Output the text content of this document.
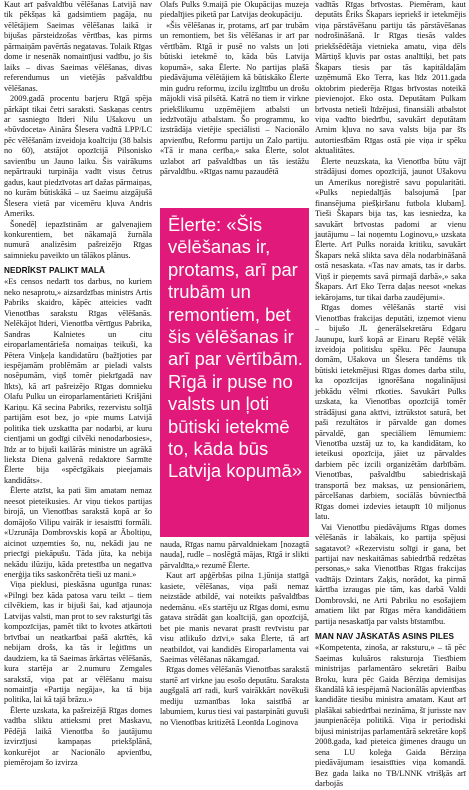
Kaut arī pašvaldību vēlēšanas Latvijā nav tik pēkšņas kā gadsimtiem pagāja, nu vēlētājiem Saeimas vēlēšanas laikā ir bijušas pārsteidzošas vērtības, kas pirms pārmaiņām pavērtās negatavas. Tolaik Rīgas dome ir nesenāk nomainījusi vadību, jo šis laiks – divas Saeimas vēlēšanas, divas referendumus un vietējās pašvaldību vēlēšanas.

2009.gadā procentu barjeru Rīgā spēja pārkāpt tikai četri saraksti. Saskaņas centrs ar sasniegto līderi Nilu Ušakovu un «būvdoceta» Aināra Šlesera vadītā LPP/LC pēc vēlēšanām izveidoja koalīciju (38 balsis no 60), atstājot opozīcijā Pilsonisko savienību un Jauno laiku. Šis vairākums nepārtrauki turpināja vadīt visus četrus gadus, kaut piedzīvotas arī dažas pārmaiņas, no kurām būtiskākā – uz Saeimu aizgājušā Šlesera vietā par vicemēru kļuva Andris Ameriks.

Šonedēļ iepazīstinām ar galvenajiem konkurentiem, bet nākamajā žurnāla numurā analizēsim pašreizējo Rīgas saimnieku paveikto un tālākos plānus.

NEDRĪKST PALIKT MALĀ

«Es censos nedarīt tos darbus, no kuriem neko nesaprotu,» aizsardzības ministrs Artis Pabriks skaidro, kāpēc atteicies vadīt Vienotības sarakstu Rīgas vēlēšanās. Nelēkājot līderi, Vienotība vērtīgus Pabrika, Sandras Kalnietes un citu eiroparlamentārieša nomaiņas teikuši, ka Pētera Vinķeļa kandidatūru (bažījoties par iespējamām problēmām ar pieladi valsts nosēpumām, viņš tomēr piekrīgadā nav līkts), kā arī pašreizējo Rīgas domnieku Olafu Pulku un eiroparlamentārieti Krišjāni Kariņu. Kā secina Pabriks, rezervistu solījā partijām esot bez, jo «pie mums Latvijā politika tiek uzskatīta par nodarbi, ar kuru cienījami un godīgi cilvēki nenodarbosies», līdz ar to bijuši kailārās ministre un agrākā lieksta Diena galvenā redaktore Sarmīte Ēlerte bija «spēcīgākais pieejamais kandidāts».

Ēlerte atzīst, ka pati šim amatam nemaz neesot pieteikusies. Ar viņu tiekos partijas birojā, un Vienotības sarakstā kopā ar šo domājošo Vilipu vairāk ir iesaistīti formāli. «Uzrunāja Dombrovskis kopā ar Āboltiņu, aicinot uzņemties šo, nu, nekādi jau ne priecīgi piekāpušu. Tāda jūta, ka nebija nekādu ilūziju, kāda pretestība un negatīva enerģija tiks saskončrēta tieši uz mani.»

Viņa pieklusi, pieskāsna ugunīga runas: «Pilngi bez kāda patosa varu teikt – tiem cilvēkiem, kas ir bijuši šai, kad atjaunoja Latvijas valsti, man prot to sev raksturīgi tās kompozīcijas, pamēt tikt to kvotes atkārtoti brīvībai un neatkarībai pašā akrītēs, kā nebijam drošs, ka tās ir leģitīms un daudziem, ka tā Saeimas ārkārtas vēlēšanās, kura startēja ar 2.numuru Zemgales sarakstā, viņa pat ar vēlēšanu maisu nomainīja «Partija negāja», ka tā bija politika, lai kā tajā brāzu.»

Ēlerte uzskata, ka pašreizējā Rīgas domes vadība sliktu attieksmi pret Maskavu, Pēdējā laikā Vienotība šo jautājumu izvirzījusi kampaņas priekšplānā, konkurējot ar Nacionālo apvienību, piemērojam šo izvirza

Olafs Pulks 9.maijā pie Okupācijas muzeja piedalījies piketā par Latvijas deokupāciju.

«Šis vēlēšanas ir, protams, arī par trubām un remontiem, bet šis vēlēšanas ir arī par vērtībām. Rīgā ir pusē no valsts un ļoti būtiski ietekmē to, kāda būs Latvija kopumā», saka Ēlerte. No partijas plašā piedāvājuma vēlētājiem kā būtiskāko Ēlerte min gudru reformu, izcilu izglītību un drošu mājokli visā pilsētā. Katrā no tiem ir virkne priekšlikumu uzņēmējiem atbalsti un iedzīvotāju atbalstam. Šo programmu, ko izstrādāja vietējie speciālisti – Nacionālo apvienību, Reformu partiju un Zalo partiju. «Tā ir mana cerība,» saka Ēlerte, solot uzlabot arī pašvaldības un tās iestāžu pārvaldību. «Rīgas namu pazaudētā

nauda, Rīgas namu pārvaldniekam [nozagtā nauda], rudle – noslēgtā mājas, Rīgā ir slikti pārvaldīta,» rezumē Ēlerte.

Kaut arī apģērbšas pilna 1.jūnija statīgā kasiete, vēlēšanas, viņa paši nemaz neizstāde atbildē, vai noteikts pašvaldības nedemānu. «Es startēju uz Rīgas domi, esmu gatava strādāt gan koalīcijā, gan opozīcijā, bet pie manis nevarat prasīt revīvistu par visu atlikušo dzīvi,» saka Ēlerte, tā arī neatbildot, vai kandidēs Eiroparlamenta vai Saeimas vēlēšanas nākamgad.

Rīgas domes vēlēšanās Vienotības sarakstā startē arī virkne jau esošo deputātu. Saraksta augšgalā arī radi, kurš vairākkārt novēkuši mediju uzmanības loka saistībā ar labumiem, kurus tiesi vai pastarpināti guvuši no Vienotības kritizētā Leonīda Loginova

Ēlerte: «Šis vēlēšanas ir, protams, arī par trubām un remontiem, bet šis vēlēšanas ir arī par vērtībām. Rīgā ir puse no valsts un ļoti būtiski ietekmē to, kāda būs Latvija kopumā»

vadītās Rīgas brīvostas. Piemēram, kaut deputāts Ēriks Škapars iepriekš ir ietekmējis viņa pārstāvēšanu partiju tās pārstāvēšanas nodrošināšanā. Ir Rīgas tiesās valdes priekšsēdētāja vietnieka amatu, viņa dēls Mārtiņš kļuvis par ostas analītiķi, bet pats Škapars tiesis par tās kapitāldaļām uzņēmumā Eko Terra, kas līdz 2011.gada oktobrim piederēja Rīgas brīvostas noteikā pievienojot. Eko osta. Deputātam Pulkam brīvosta netieši līdzējusi, finansiāli atbalstot viņa vadīto biedrību, savukārt deputātam Arnim kļuva no sava valsts bija par šīs autortiesībām Rīgas ostā pie viņa ir spēku aktualitātes.

Ēlerte neuzskata, ka Vienotība būtu vājī strādājusi domes opozīcijā, jaunot Ušakovu un Amerikus noreģistrē savu popularitāti. «Pulks nepiedalījās balsojumā [par finansējuma piešķiršanu futbola klubam]. Tieši Škapars bija tas, kas iesniedza, ka savukārt brīvostas padomi ar vienu jautājumu – lai noņemtu Loginovu,» uzskata Ēlerte. Arī Pulks noraida kritiku, savukārt Škapars nekā slikta sava dēla nodarbināšanā ostā nesaskata. «Tas nav amats, tas ir darbs. Viņš ir pieņemts savā pirmajā darbā»,» saka Škapars. Arī Eko Terra daļas neesot «nekas iekārojams, tur tikai darba zaudējumi».

Rīgas domes vēlēšanās startē visi Vienotības frakcijas deputāti, izņemot vienu – bijušo JL ģenerālsekretāru Edgaru Jaunupu, kurš kopā ar Einaru Repšē vēlāk izveidoja politisku spēku. Pēc Jaunupa domām, Ušakova un Šlesera tandēms tik būtiski ietekmējusi Rīgas domes darba stilu, ka opozīcijas ignorēšana nogalinājusi jebkādu vēlmi rīkoties. Savukārt Pulks uzskata, ka Vienotības opozīcijā tomēr strādājusi gana aktīvi, iztrūkstot saturā, bet paši rezultātos ir pārvalde gan domes pārvaldē, gan speciāliem lēmumiem: Vienotība uzstāj uz to, ka kandidātam, ko ieteikusi opozīcija, jāiet uz pārvaldes darbiem pēc izcili organizētām darbībām. Vienotības, pašvaldību sabiedriskajā transportā bez maksas, uz pensionāriem, pārcelšanas darbiem, sociālās būvniecībā Rīgas domei izdevies ietaupīt 10 miljonus latu.

Vai Vienotību piedāvājums Rīgas domes vēlēšanās ir labākais, ko partija spējusi sagatavot? «Rezervistu solīgi ir gana, bet partijai nav neskaitāmas sabiedrībā redzētas personas,» saka Vienotības Rīgas frakcijas vadītājs Dzintars Zaķis, norādot, ka pirmā kārtība izraugas pie tām, kas darbā Valdi Dombrovski, ne Arti Pabriku no esošajiem amatiem likt par Rīgas mēra kandidātiem partija nesaskatīja par valsts bīstamību.

MAN NAV JĀSKATĀS ASINS PILES

«Kompetenta, zinoša, ar raksturu,» – tā pēc Saeimas kuluāros raksturoja Tiesībiem ministrijas parlamentāro sekretāri Baibu Broku, kura pēc Gaida Bērziņa demisijas škandālā kā iespējamā Nacionālās apvienības kandidāte tiesibu ministra amatam. Kaut arī plašākai sabiedrībai nezināma, šī jurisste nav jaunpienācēja politikā. Viņa ir periodiski bijusi ministrijas parlamentārā sekretāre kopš 2008.gada, kad pieteica ģimenes draugu un sena LU koleģa Gaida Bērziņa piedāvājumam iesaistīties viņa komandā. Bez gada laika no TB/LNNK vīrišķās arī darbojās
